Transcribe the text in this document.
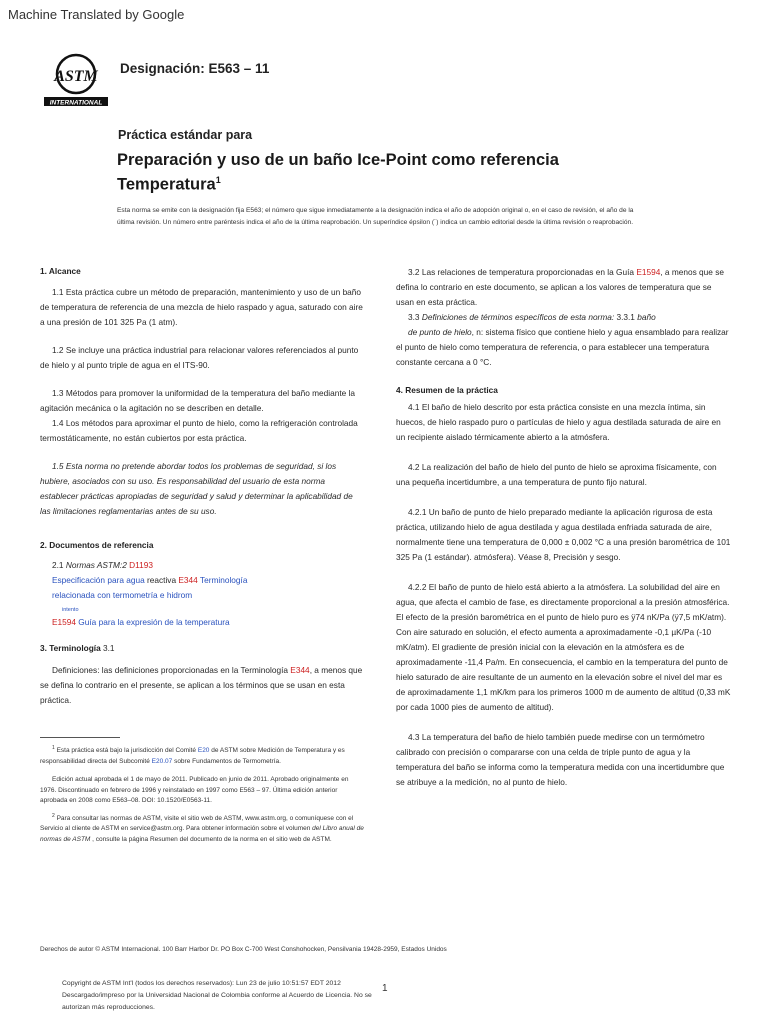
Machine Translated by Google
ASTM
INTERNATIONAL
Designación: E563 – 11
Práctica estándar para
Preparación y uso de un baño Ice-Point como referencia
Temperatura$^1$
Esta norma se emite con la designación fija E563; el número que sigue inmediatamente a la designación indica el año de adopción original o, en el caso de revisión, el año de la última revisión. Un número entre paréntesis indica el año de la última reaprobación. Un superíndice épsilon (´) indica un cambio editorial desde la última revisión o reaprobación.

1. Alcance

1.1 Esta práctica cubre un método de preparación, mantenimiento y uso de un baño de temperatura de referencia de una mezcla de hielo raspado y agua, saturado con aire a una presión de 101 325 Pa (1 atm).

1.2 Se incluye una práctica industrial para relacionar valores referenciados al punto de hielo y al punto triple de agua en el ITS-90.

1.3 Métodos para promover la uniformidad de la temperatura del baño mediante la agitación mecánica o la agitación no se describen en detalle.

1.4 Los métodos para aproximar el punto de hielo, como la refrigeración controlada termostáticamente, no están cubiertos por esta práctica.

1.5 Esta norma no pretende abordar todos los problemas de seguridad, si los hubiere, asociados con su uso. Es responsabilidad del usuario de esta norma establecer prácticas apropiadas de seguridad y salud y determinar la aplicabilidad de las limitaciones reglamentarias antes de su uso.

2. Documentos de referencia

2.1 Normas ASTM:2 D1193

Especificación para agua reactiva E344 Terminología

relacionada con termometría e hidrom

intento

E1594 Guía para la expresión de la temperatura

3. Terminología 3.1

Definiciones: las definiciones proporcionadas en la Terminología E344, a menos que se defina lo contrario en el presente, se aplican a los términos que se usan en esta práctica.

$^1$ Esta práctica está bajo la jurisdicción del Comité E20 de ASTM sobre Medición de Temperatura y es responsabilidad directa del Subcomité E20.07 sobre Fundamentos de Termometría.

Edición actual aprobada el 1 de mayo de 2011. Publicado en junio de 2011. Aprobado originalmente en 1976. Discontinuado en febrero de 1996 y reinstalado en 1997 como E563 – 97. Última edición anterior aprobada en 2008 como E563–08. DOI: 10.1520/E0563-11.

$^2$ Para consultar las normas de ASTM, visite el sitio web de ASTM, www.astm.org, o comuníquese con el Servicio al cliente de ASTM en service@astm.org. Para obtener información sobre el volumen del Libro anual de normas de ASTM , consulte la página Resumen del documento de la norma en el sitio web de ASTM.

3.2 Las relaciones de temperatura proporcionadas en la Guía E1594, a menos que se defina lo contrario en este documento, se aplican a los valores de temperatura que se usan en esta práctica.

3.3 Definiciones de términos específicos de esta norma: 3.3.1 baño

de punto de hielo, n: sistema físico que contiene hielo y agua ensamblado para realizar el punto de hielo como temperatura de referencia, o para establecer una temperatura constante cercana a 0 °C.

4. Resumen de la práctica

4.1 El baño de hielo descrito por esta práctica consiste en una mezcla íntima, sin huecos, de hielo raspado puro o partículas de hielo y agua destilada saturada de aire en un recipiente aislado térmicamente abierto a la atmósfera.

4.2 La realización del baño de hielo del punto de hielo se aproxima físicamente, con una pequeña incertidumbre, a una temperatura de punto fijo natural.

4.2.1 Un baño de punto de hielo preparado mediante la aplicación rigurosa de esta práctica, utilizando hielo de agua destilada y agua destilada enfriada saturada de aire, normalmente tiene una temperatura de 0,000 ± 0,002 °C a una presión barométrica de 101 325 Pa (1 estándar). atmósfera). Véase 8, Precisión y sesgo.

4.2.2 El baño de punto de hielo está abierto a la atmósfera. La solubilidad del aire en agua, que afecta el cambio de fase, es directamente proporcional a la presión atmosférica. El efecto de la presión barométrica en el punto de hielo puro es ÿ74 nK/Pa (ÿ7,5 mK/atm). Con aire saturado en solución, el efecto aumenta a aproximadamente -0,1 µK/Pa (-10 mK/atm). El gradiente de presión inicial con la elevación en la atmósfera es de aproximadamente -11,4 Pa/m. En consecuencia, el cambio en la temperatura del punto de hielo saturado de aire resultante de un aumento en la elevación sobre el nivel del mar es de aproximadamente 1,1 mK/km para los primeros 1000 m de aumento de altitud (0,33 mK por cada 1000 pies de aumento de altitud).

4.3 La temperatura del baño de hielo también puede medirse con un termómetro calibrado con precisión o compararse con una celda de triple punto de agua y la temperatura del baño se informa como la temperatura medida con una incertidumbre que se atribuye a la medición, no al punto de hielo.

Derechos de autor © ASTM Internacional. 100 Barr Harbor Dr. PO Box C-700 West Conshohocken, Pensilvania 19428-2959, Estados Unidos
Copyright de ASTM Int'l (todos los derechos reservados): Lun 23 de julio 10:51:57 EDT 2012 Descargado/impreso por la Universidad Nacional de Colombia conforme al Acuerdo de Licencia. No se autorizan más reproducciones.
1
